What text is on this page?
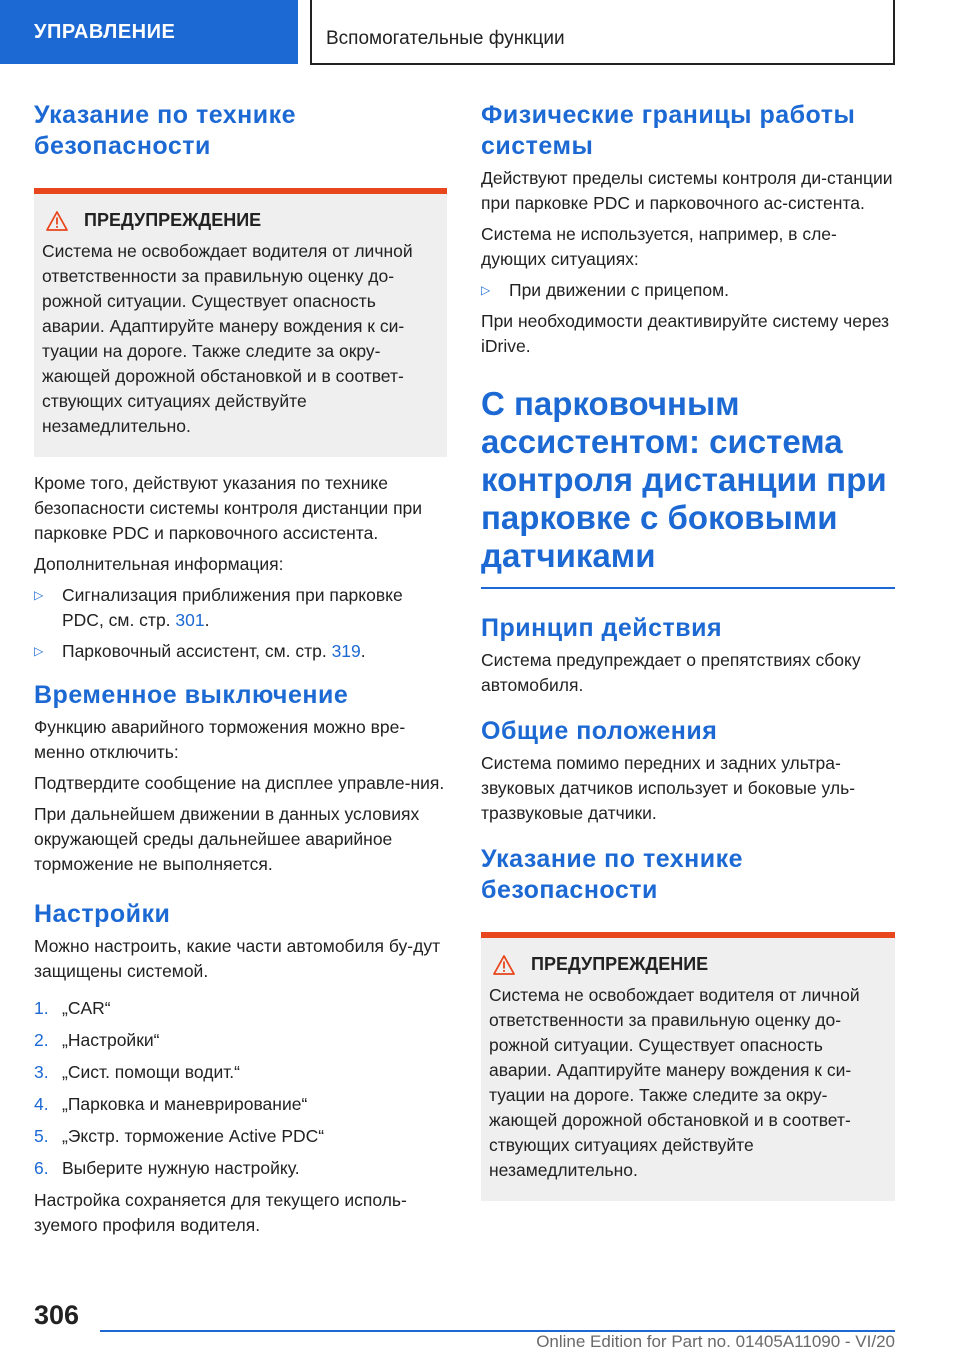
УПРАВЛЕНИЕ	Вспомогательные функции
Указание по технике безопасности
ПРЕДУПРЕЖДЕНИЕ

Система не освобождает водителя от личной ответственности за правильную оценку до-рожной ситуации. Существует опасность аварии. Адаптируйте манеру вождения к си-туации на дороге. Также следите за окру-жающей дорожной обстановкой и в соответ-ствующих ситуациях действуйте незамедлительно.

Кроме того, действуют указания по технике безопасности системы контроля дистанции при парковке PDC и парковочного ассистента.

Дополнительная информация:

▷	Сигнализация приближения при парковке PDC, см. стр. 301.

▷	Парковочный ассистент, см. стр. 319.

Временное выключение

Функцию аварийного торможения можно вре-менно отключить:

Подтвердите сообщение на дисплее управле-ния.

При дальнейшем движении в данных условиях окружающей среды дальнейшее аварийное торможение не выполняется.

Настройки

Можно настроить, какие части автомобиля бу-дут защищены системой.

1. „CAR“
2. „Настройки“
3. „Сист. помощи водит.“
4. „Парковка и маневрирование“
5. „Экстр. торможение Active PDC“
6. Выберите нужную настройку.

Настройка сохраняется для текущего исполь-зуемого профиля водителя.

Физические границы работы системы

Действуют пределы системы контроля ди-станции при парковке PDC и парковочного ас-систента.

Система не используется, например, в сле-дующих ситуациях:

▷	При движении с прицепом.

При необходимости деактивируйте систему через iDrive.

С парковочным ассистентом: система контроля дистанции при парковке с боковыми датчиками
Принцип действия

Система предупреждает о препятствиях сбоку автомобиля.

Общие положения

Система помимо передних и задних ультра-звуковых датчиков использует и боковые уль-тразвуковые датчики.

Указание по технике безопасности
ПРЕДУПРЕЖДЕНИЕ

Система не освобождает водителя от личной ответственности за правильную оценку до-рожной ситуации. Существует опасность аварии. Адаптируйте манеру вождения к си-туации на дороге. Также следите за окру-жающей дорожной обстановкой и в соответ-ствующих ситуациях действуйте незамедлительно.

306
Online Edition for Part no. 01405A11090 - VI/20
